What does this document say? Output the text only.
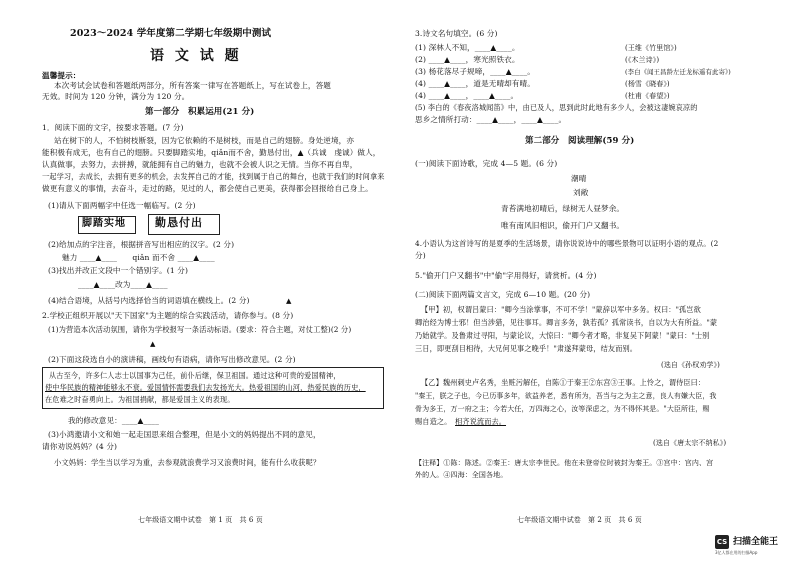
2023～2024 学年度第二学期七年级期中测试
语 文 试 题
温馨提示：
本次考试会试卷和答题纸两部分，所有答案一律写在答题纸上，写在试卷上，答题
无效。时间为 120 分钟，满分为 120 分。
第一部分　积累运用(21 分)
1．阅读下面的文字，按要求答题。(7 分)
站在树下的人，不怕树枝断裂，因为它依赖的不是树枝，而是自己的翅膀。身处逆境，亦
能积极有成无，也有自己的翅膀。只要脚踏实地，qiǎn而不舍，勤恳付出，▲（兵诚　虔诚）做人，
认真做事，去努力，去拼搏，就能拥有自己的魅力，也就不会被人识之无情。当你不再自卑，
一起学习，去成长，去拥有更多的机会，去发挥自己的才能，找到属于自己的舞台，也就于我们的时间拿来
做更有意义的事情，去奋斗，走过的路，见过的人，都会使自己更美，获得都会回报给自己身上。
(1)请从下面两幅字中任选一幅临写。(2 分)
脚踏实地	勤恳付出
(2)给加点的字注音，根据拼音写出相应的汉字。(2 分)
魅力 ____▲____　　qiǎn 而不舍 ____▲____
(3)找出并改正文段中一个错别字。(1 分)
____▲____改为____▲____
(4)结合语境，从括号内选择恰当的词语填在横线上。(2 分)	▲
2.学校正组织开展以"天下国家"为主题的综合实践活动，请你参与。(8 分)
(1)为营造本次活动氛围，请你为学校报写一条活动标语。(要求：符合主题，对仗工整)(2 分)
▲
(2)下面这段选自小的演讲稿，画线句有语病，请你写出修改意见。(2 分)
从古至今，许多仁人志士以国事为己任，前仆后继，保卫祖国。通过这种可贵的爱国精神，
使中华民族的精神能够永不衰。爱国情怀需要我们去发扬光大。热爱祖国的山河，热爱民族的历史，
在危难之时奋勇向上。为祖国捐献，都是爱国主义的表现。
我的修改意见：____▲____
(3)小鸿邀请小文和她一起走国思来组合整理，但是小文的妈妈提出不同的意见，
请你劝说妈妈？(4 分)
小文妈妈：学生当以学习为重，去参观就浪费学习又浪费时间，能有什么收获呢？
七年级语文期中试卷　第 1 页　共 6 页
3.诗文名句填空。(6 分)
(1) 深林人不知，____▲____。	(王维《竹里馆》)
(2) ____▲____，寒光照铁衣。	(《木兰诗》)
(3) 杨花落尽子规啼，____▲____。	(李白《闻王昌龄左迁龙标遥有此寄》)
(4) ____▲____，道是无晴却有晴。	(杨雪《晓春》)
(4) ____▲____，____▲____。	(杜甫《春望》)
(5) 李白的《春夜洛城闻笛》中，由已及人，思到此时此地有多少人，会被这凄婉哀凉的
思乡之情所打动：____▲____，____▲____。
第二部分　阅读理解(59 分)
(一)阅读下面诗歌，完成 4—5 题。(6 分)
潮晴
刘敞
青苔满地初晴后，绿树无人昼梦余。
唯有南风旧相识，偷开门户又翻书。
4.小语认为这首诗写的是夏季的生活场景，请你说说诗中的哪些景物可以证明小语的观点。(2
分)
5."偷开门户又翻书"中"偷"字用得好，请赏析。(4 分)
(二)阅读下面两篇文言文，完成 6—10 题。(20 分)
【甲】初，权谓吕蒙曰："卿今当涂掌事，不可不学！"蒙辞以军中多务。权曰："孤岂欲
卿治经为博士邪！但当涉猎，见往事耳。卿言多务，孰若孤？孤常读书，自以为大有所益。"蒙
乃始就学。及鲁肃过寻阳，与蒙论议，大惊曰："卿今者才略，非复吴下阿蒙！"蒙曰："士别
三日，即更刮目相待，大兄何见事之晚乎！"肃遂拜蒙母，结友而别。
(选自《孙权劝学》)
【乙】魏州刺史卢名秀，坐赃污解任，自陈①于秦王②东宫③王事。上怜之，谓侍臣曰：
"秦王，朕之子也，今已历事多年，欲益养老，悉有所为，吾当与之为主之意，良人有嫌大臣，我
骨为多王，万一府之主；今若大任，万四海之心，汝等深虑之，为不得怀其是。"大臣所往，赐
赐自造之。 相齐说流而去。
(选自《唐太宗不纳私》)
【注释】①陈：陈述。②秦王：唐太宗李世民。他在未登帝位时被封为秦王。③宫中：宫内、宫
外的人。④四海：全国各地。
七年级语文期中试卷　第 2 页　共 6 页
CS 扫描全能王
3亿人都在用的扫描App
